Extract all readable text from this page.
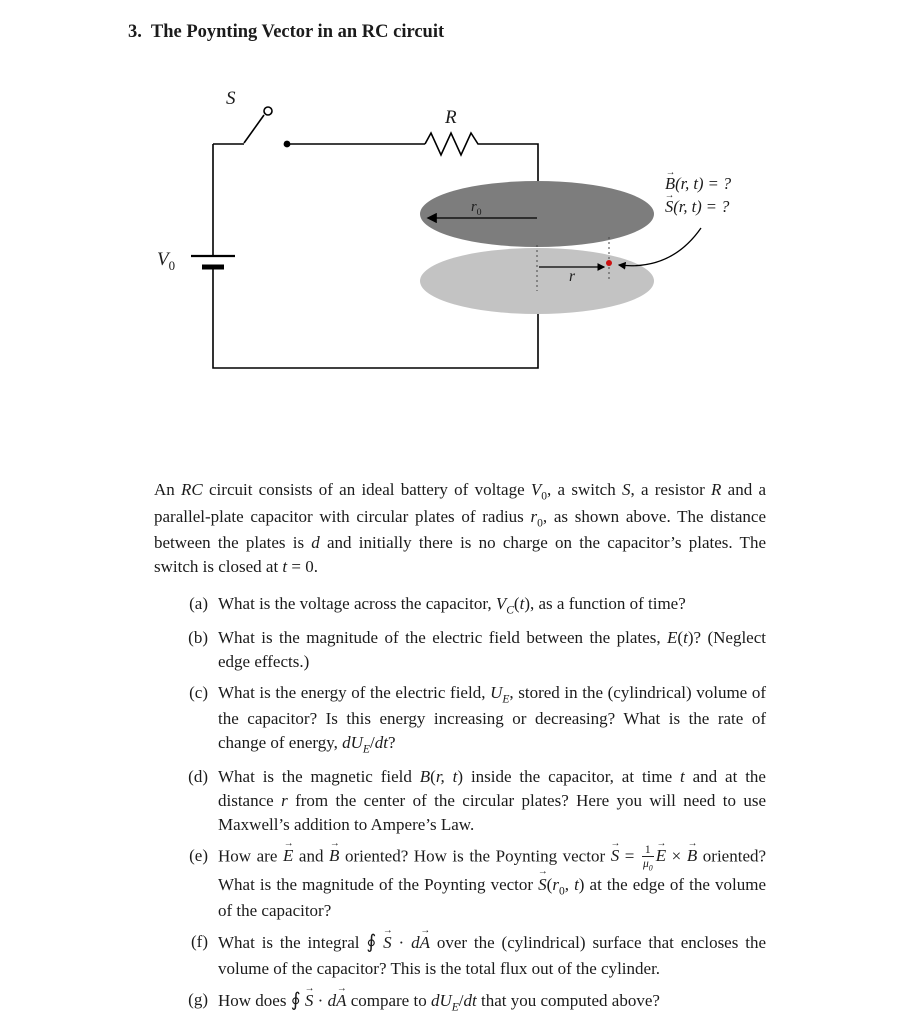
3. The Poynting Vector in an RC circuit
S
R
$V_0$
$r_0$
r
→ B(r, t) = ?
→ S(r, t) = ?
An RC circuit consists of an ideal battery of voltage $V_0$, a switch S, a resistor R and a parallel-plate capacitor with circular plates of radius $r_0$, as shown above. The distance between the plates is d and initially there is no charge on the capacitor’s plates. The switch is closed at t = 0.
(a) What is the voltage across the capacitor, $V_C(t)$, as a function of time?
(b) What is the magnitude of the electric field between the plates, E(t)? (Neglect edge effects.)
(c) What is the energy of the electric field, $U_E$, stored in the (cylindrical) volume of the capacitor? Is this energy increasing or decreasing? What is the rate of change of energy, $dU_E/dt$?
(d) What is the magnetic field B(r, t) inside the capacitor, at time t and at the distance r from the center of the circular plates? Here you will need to use Maxwell’s addition to Ampere’s Law.
(e) How are → E and → B oriented? How is the Poynting vector → $S = \frac{1}{\mu_0} \to E$ × → B oriented? What is the magnitude of the Poynting vector → $S(r_0$, t) at the edge of the volume of the capacitor?
(f) What is the integral ∮ → S · d→ A over the (cylindrical) surface that encloses the volume of the capacitor? This is the total flux out of the cylinder.
(g) How does ∮ → S · d→ A compare to $dU_E/dt$ that you computed above?
